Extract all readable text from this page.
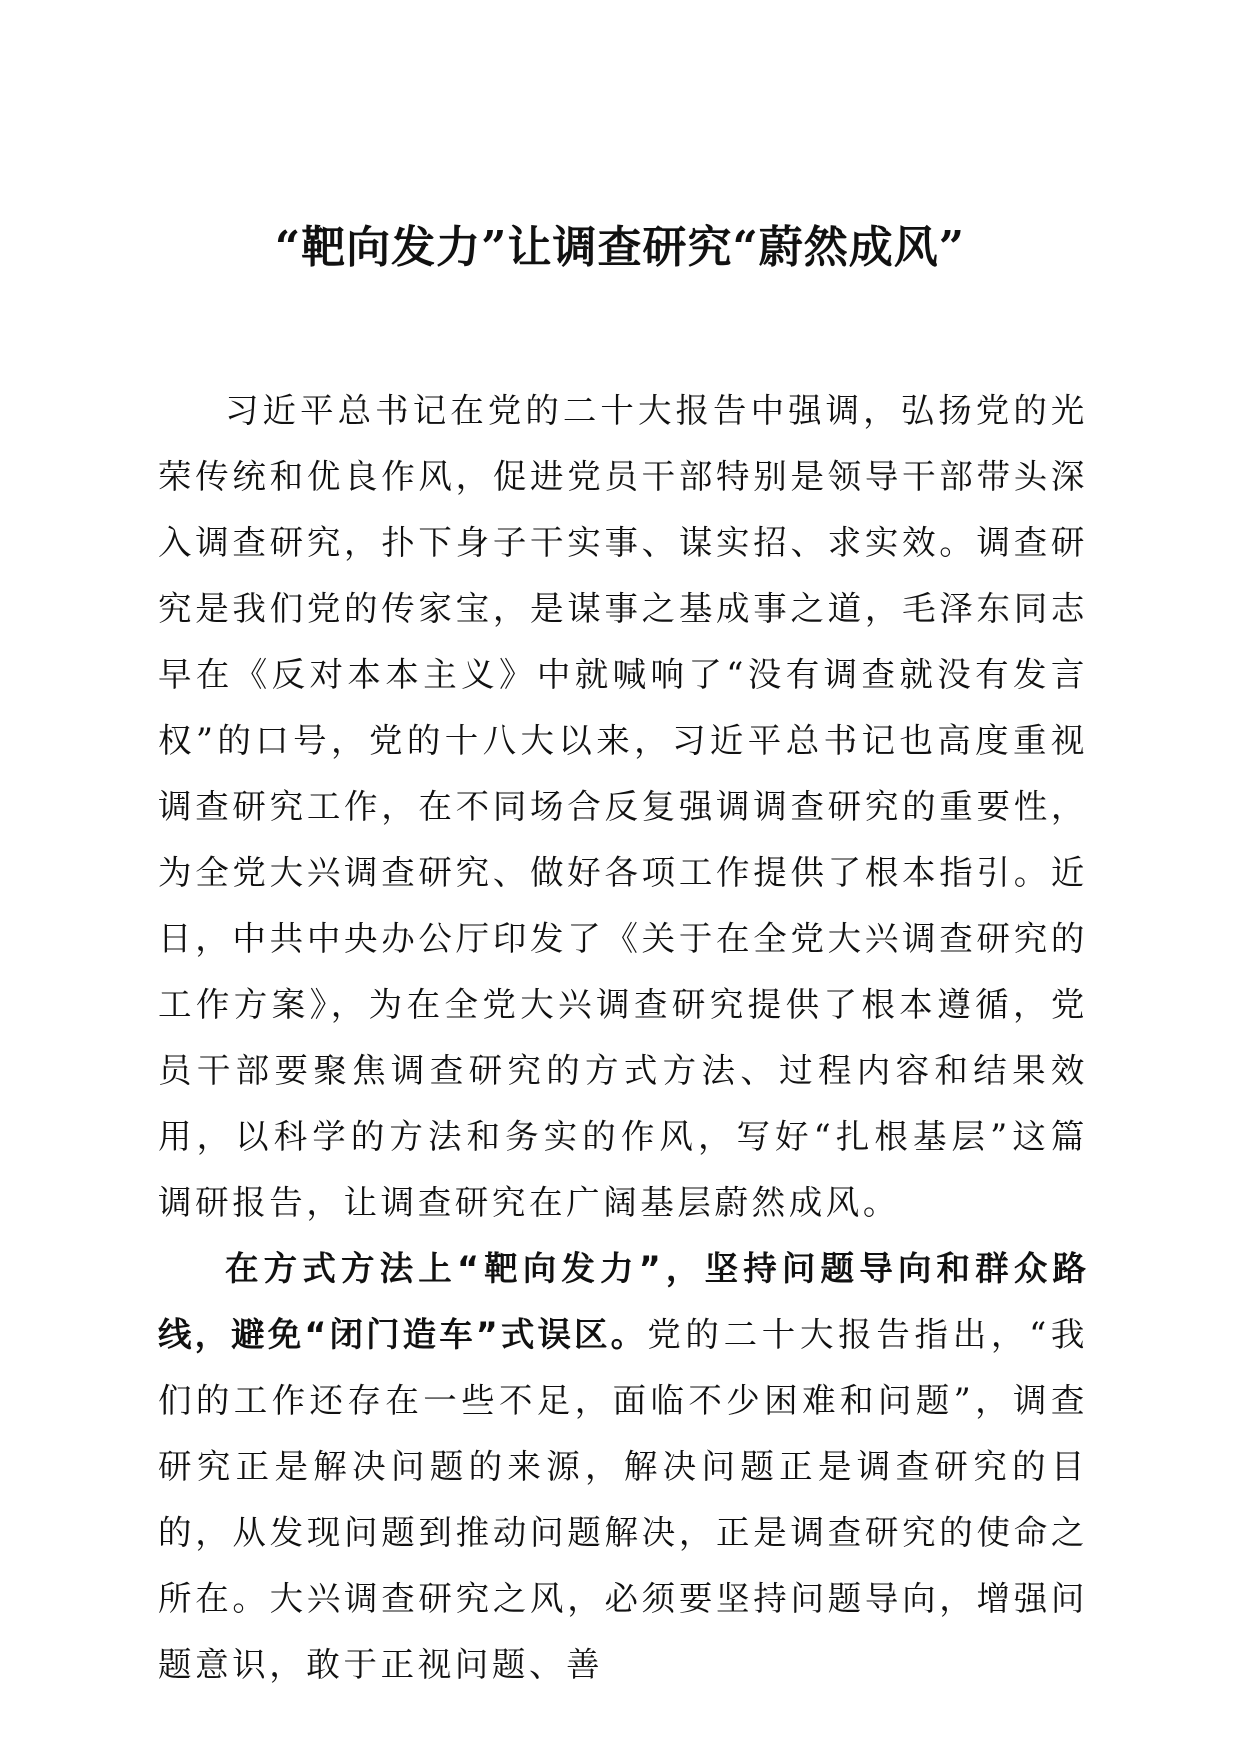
“靶向发力”让调查研究“蔚然成风”

习近平总书记在党的二十大报告中强调，弘扬党的光荣传统和优良作风，促进党员干部特别是领导干部带头深入调查研究，扑下身子干实事、谋实招、求实效。调查研究是我们党的传家宝，是谋事之基成事之道，毛泽东同志早在《反对本本主义》中就喊响了“没有调查就没有发言权”的口号，党的十八大以来，习近平总书记也高度重视调查研究工作，在不同场合反复强调调查研究的重要性，为全党大兴调查研究、做好各项工作提供了根本指引。近日，中共中央办公厅印发了《关于在全党大兴调查研究的工作方案》，为在全党大兴调查研究提供了根本遵循，党员干部要聚焦调查研究的方式方法、过程内容和结果效用，以科学的方法和务实的作风，写好“扎根基层”这篇调研报告，让调查研究在广阔基层蔚然成风。

在方式方法上“靶向发力”，坚持问题导向和群众路线，避免“闭门造车”式误区。党的二十大报告指出，“我们的工作还存在一些不足，面临不少困难和问题”，调查研究正是解决问题的来源，解决问题正是调查研究的目的，从发现问题到推动问题解决，正是调查研究的使命之所在。大兴调查研究之风，必须要坚持问题导向，增强问题意识，敢于正视问题、善
